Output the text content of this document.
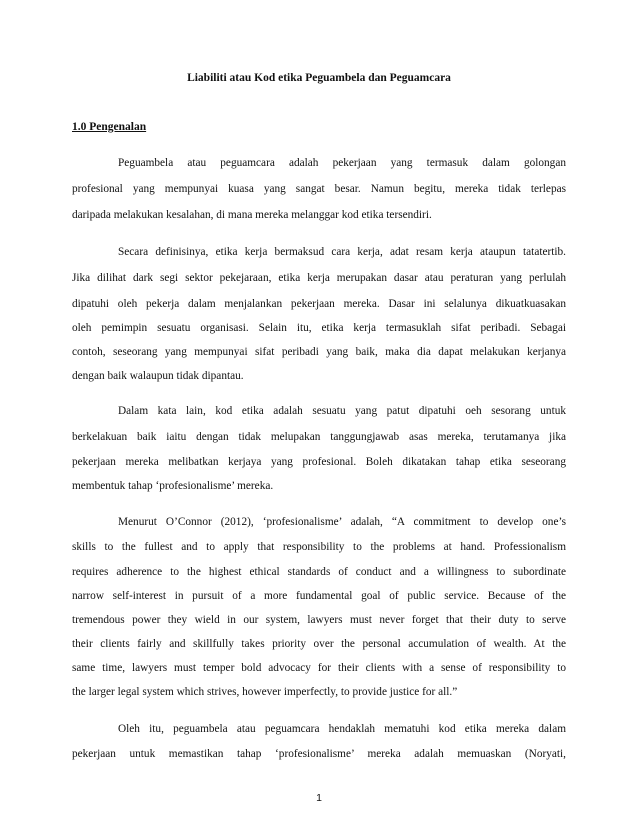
Liabiliti atau Kod etika Peguambela dan Peguamcara
1.0 Pengenalan
Peguambela atau peguamcara adalah pekerjaan yang termasuk dalam golongan
profesional yang mempunyai kuasa yang sangat besar. Namun begitu, mereka tidak terlepas
daripada melakukan kesalahan, di mana mereka melanggar kod etika tersendiri.
Secara definisinya, etika kerja bermaksud cara kerja, adat resam kerja ataupun tatatertib.
Jika dilihat dark segi sektor pekejaraan, etika kerja merupakan dasar atau peraturan yang perlulah
dipatuhi oleh pekerja dalam menjalankan pekerjaan mereka. Dasar ini selalunya dikuatkuasakan
oleh pemimpin sesuatu organisasi. Selain itu, etika kerja termasuklah sifat peribadi. Sebagai
contoh, seseorang yang mempunyai sifat peribadi yang baik, maka dia dapat melakukan kerjanya
dengan baik walaupun tidak dipantau.
Dalam kata lain, kod etika adalah sesuatu yang patut dipatuhi oeh sesorang untuk
berkelakuan baik iaitu dengan tidak melupakan tanggungjawab asas mereka, terutamanya jika
pekerjaan mereka melibatkan kerjaya yang profesional. Boleh dikatakan tahap etika seseorang
membentuk tahap ‘profesionalisme’ mereka.
Menurut O’Connor (2012), ‘profesionalisme’ adalah, “A commitment to develop one’s
skills to the fullest and to apply that responsibility to the problems at hand. Professionalism
requires adherence to the highest ethical standards of conduct and a willingness to subordinate
narrow self-interest in pursuit of a more fundamental goal of public service. Because of the
tremendous power they wield in our system, lawyers must never forget that their duty to serve
their clients fairly and skillfully takes priority over the personal accumulation of wealth. At the
same time, lawyers must temper bold advocacy for their clients with a sense of responsibility to
the larger legal system which strives, however imperfectly, to provide justice for all.”
Oleh itu, peguambela atau peguamcara hendaklah mematuhi kod etika mereka dalam
pekerjaan untuk memastikan tahap ‘profesionalisme’ mereka adalah memuaskan (Noryati,
1
